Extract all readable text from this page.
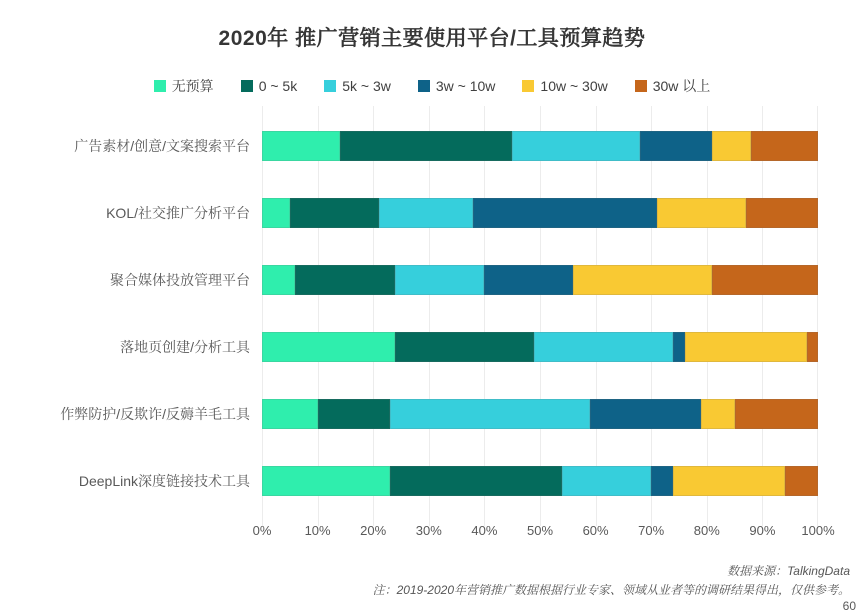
2020年 推广营销主要使用平台/工具预算趋势
无预算	0 ~ 5k	5k ~ 3w	3w ~ 10w	10w ~ 30w	30w 以上
广告素材/创意/文案搜索平台
KOL/社交推广分析平台
聚合媒体投放管理平台
落地页创建/分析工具
作弊防护/反欺诈/反薅羊毛工具
DeepLink深度链接技术工具
0%	10% 20% 30% 40% 50% 60% 70% 80% 90% 100%
数据来源：TalkingData
注：2019-2020年营销推广数据根据行业专家、领域从业者等的调研结果得出，仅供参考。
60
